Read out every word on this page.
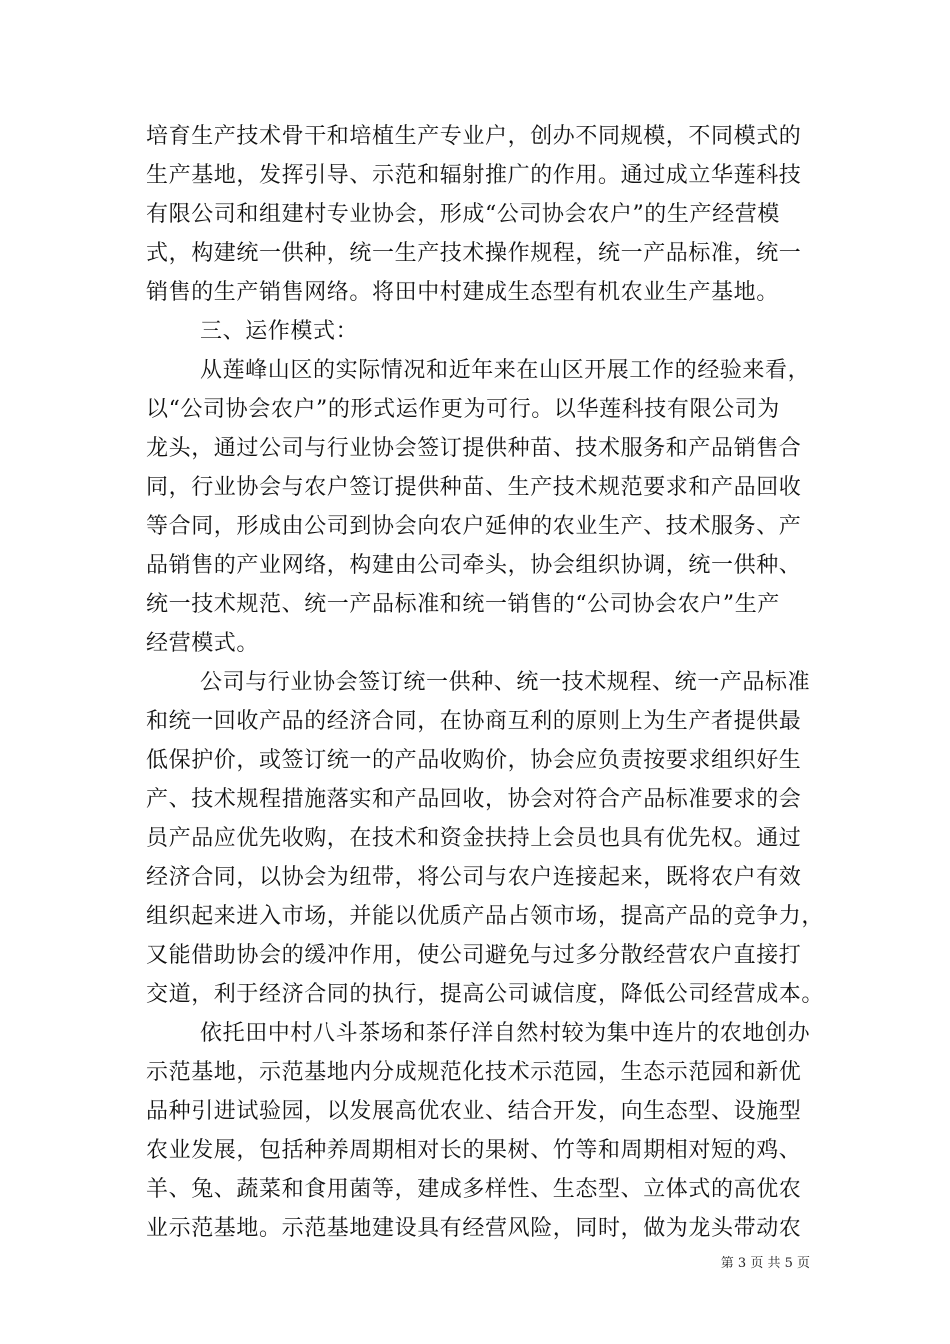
培育生产技术骨干和培植生产专业户，创办不同规模，不同模式的
生产基地，发挥引导、示范和辐射推广的作用。通过成立华莲科技
有限公司和组建村专业协会，形成“公司协会农户”的生产经营模
式，构建统一供种，统一生产技术操作规程，统一产品标准，统一
销售的生产销售网络。将田中村建成生态型有机农业生产基地。
三、运作模式：
从莲峰山区的实际情况和近年来在山区开展工作的经验来看，
以“公司协会农户”的形式运作更为可行。以华莲科技有限公司为
龙头，通过公司与行业协会签订提供种苗、技术服务和产品销售合
同，行业协会与农户签订提供种苗、生产技术规范要求和产品回收
等合同，形成由公司到协会向农户延伸的农业生产、技术服务、产
品销售的产业网络，构建由公司牵头，协会组织协调，统一供种、
统一技术规范、统一产品标准和统一销售的“公司协会农户”生产
经营模式。
公司与行业协会签订统一供种、统一技术规程、统一产品标准
和统一回收产品的经济合同，在协商互利的原则上为生产者提供最
低保护价，或签订统一的产品收购价，协会应负责按要求组织好生
产、技术规程措施落实和产品回收，协会对符合产品标准要求的会
员产品应优先收购，在技术和资金扶持上会员也具有优先权。通过
经济合同，以协会为纽带，将公司与农户连接起来，既将农户有效
组织起来进入市场，并能以优质产品占领市场，提高产品的竞争力，
又能借助协会的缓冲作用，使公司避免与过多分散经营农户直接打
交道，利于经济合同的执行，提高公司诚信度，降低公司经营成本。
依托田中村八斗茶场和茶仔洋自然村较为集中连片的农地创办
示范基地，示范基地内分成规范化技术示范园，生态示范园和新优
品种引进试验园，以发展高优农业、结合开发，向生态型、设施型
农业发展，包括种养周期相对长的果树、竹等和周期相对短的鸡、
羊、兔、蔬菜和食用菌等，建成多样性、生态型、立体式的高优农
业示范基地。示范基地建设具有经营风险，同时，做为龙头带动农
第 3 页 共 5 页
